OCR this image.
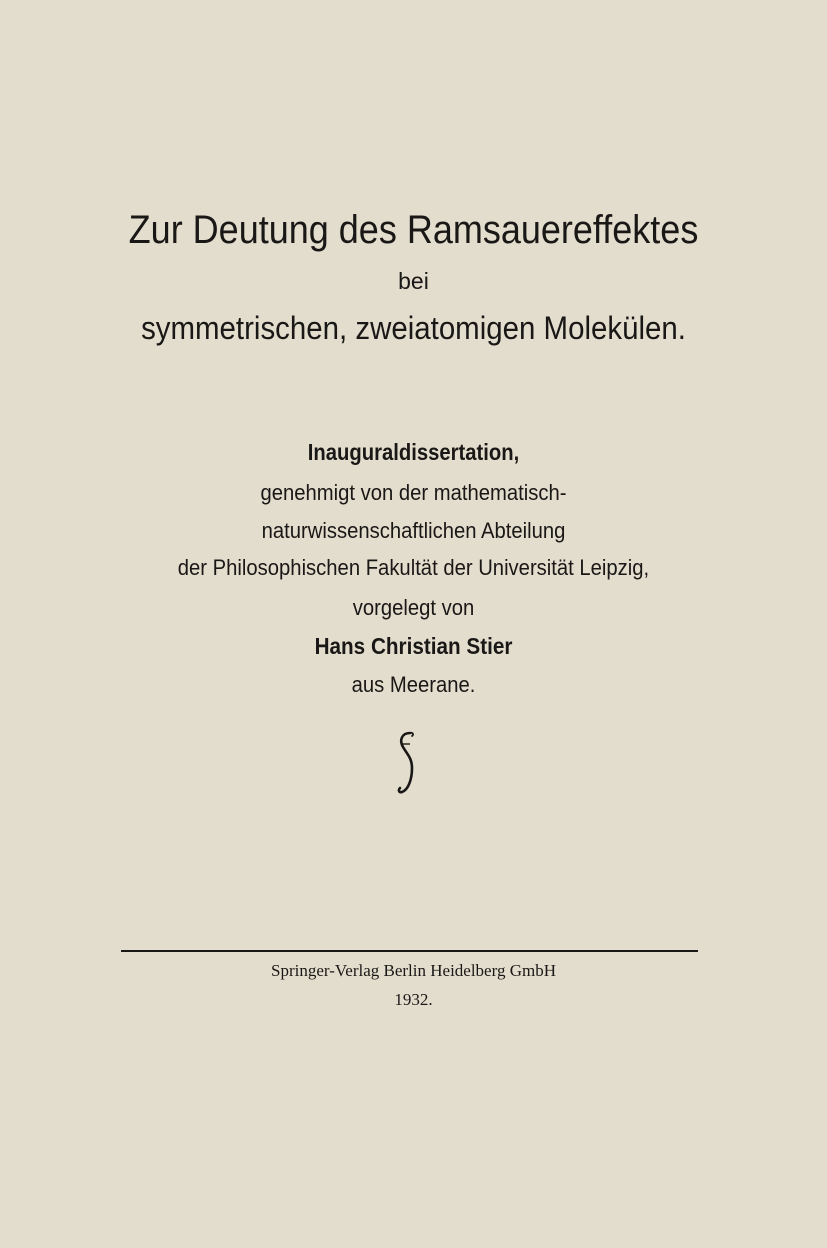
Zur Deutung des Ramsauereffektes
bei
symmetrischen, zweiatomigen Molekülen.
Inauguraldissertation,
genehmigt von der mathematisch-
naturwissenschaftlichen Abteilung
der Philosophischen Fakultät der Universität Leipzig,
vorgelegt von
Hans Christian Stier
aus Meerane.
Springer-Verlag Berlin Heidelberg GmbH
1932.
